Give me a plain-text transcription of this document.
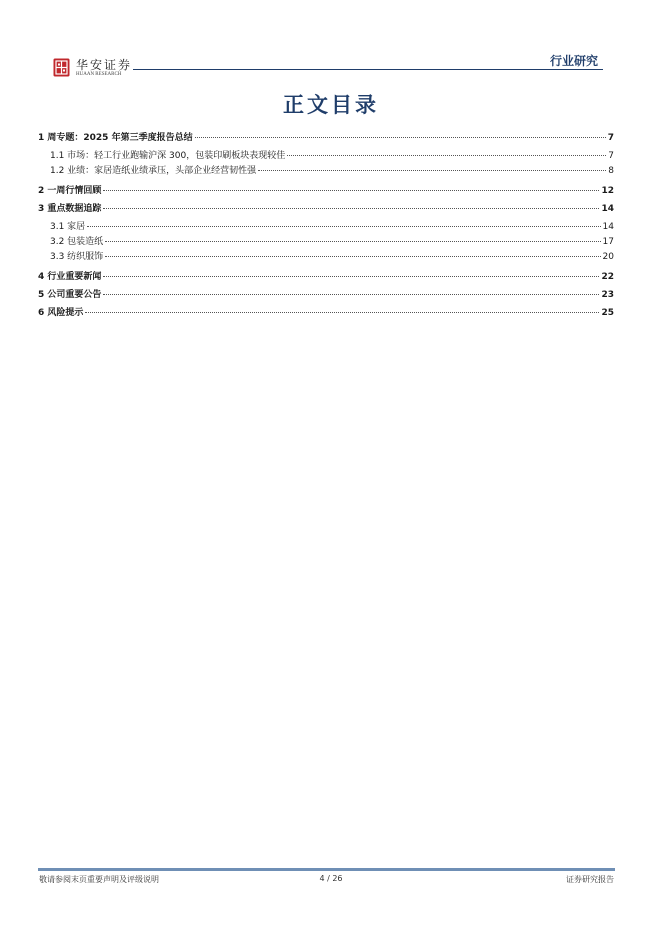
华安证券
HUAAN RESEARCH
行业研究
正文目录
1 周专题：2025 年第三季度报告总结	7
1.1 市场：轻工行业跑输沪深 300，包装印刷板块表现较佳	7
1.2 业绩：家居造纸业绩承压，头部企业经营韧性强	8
2 一周行情回顾	12
3 重点数据追踪	14
3.1 家居	14
3.2 包装造纸	17
3.3 纺织服饰	20
4 行业重要新闻	22
5 公司重要公告	23
6 风险提示	25
敬请参阅末页重要声明及评级说明	4 / 26	证券研究报告
